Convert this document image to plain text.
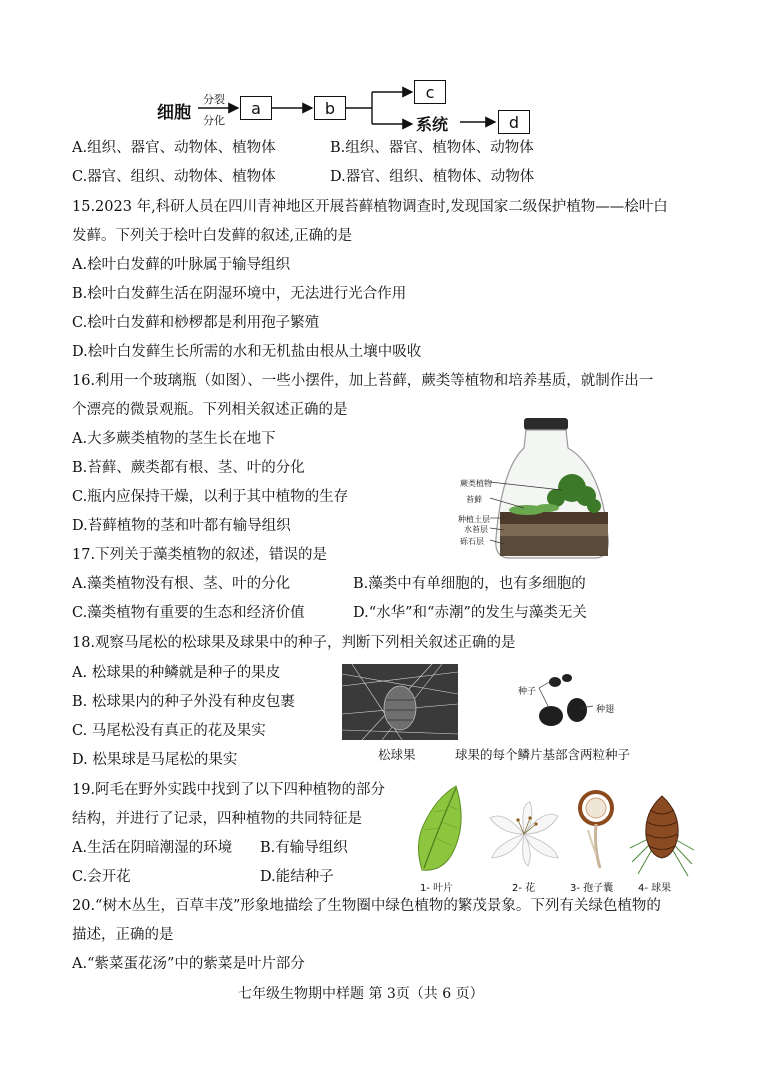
细胞
分裂
分化
a	b
c
系统	d
A.组织、器官、动物体、植物体	B.组织、器官、植物体、动物体
C.器官、组织、动物体、植物体	D.器官、组织、植物体、动物体
15.2023 年,科研人员在四川青神地区开展苔藓植物调查时,发现国家二级保护植物——桧叶白
发藓。下列关于桧叶白发藓的叙述,正确的是
A.桧叶白发藓的叶脉属于输导组织
B.桧叶白发藓生活在阴湿环境中，无法进行光合作用
C.桧叶白发藓和桫椤都是利用孢子繁殖
D.桧叶白发藓生长所需的水和无机盐由根从土壤中吸收
16.利用一个玻璃瓶（如图）、一些小摆件，加上苔藓，蕨类等植物和培养基质，就制作出一
个漂亮的微景观瓶。下列相关叙述正确的是
A.大多蕨类植物的茎生长在地下
B.苔藓、蕨类都有根、茎、叶的分化
C.瓶内应保持干燥，以利于其中植物的生存
D.苔藓植物的茎和叶都有输导组织
蕨类植物
苔藓
种植土层
水苔层
砾石层
17.下列关于藻类植物的叙述，错误的是
A.藻类植物没有根、茎、叶的分化	B.藻类中有单细胞的，也有多细胞的
C.藻类植物有重要的生态和经济价值	D.“水华”和“赤潮”的发生与藻类无关
18.观察马尾松的松球果及球果中的种子，判断下列相关叙述正确的是
A. 松球果的种鳞就是种子的果皮
B. 松球果内的种子外没有种皮包裹
C. 马尾松没有真正的花及果实
D. 松果球是马尾松的果实	松球果
种子
种翅
球果的每个鳞片基部含两粒种子
19.阿毛在野外实践中找到了以下四种植物的部分
结构，并进行了记录，四种植物的共同特征是
A.生活在阴暗潮湿的环境 B.有输导组织
C.会开花	D.能结种子
1- 叶片	2- 花	3- 孢子囊 4- 球果
20.“树木丛生，百草丰茂”形象地描绘了生物圈中绿色植物的繁茂景象。下列有关绿色植物的
描述，正确的是
A.“紫菜蛋花汤”中的紫菜是叶片部分
七年级生物期中样题 第 3页（共 6 页）
